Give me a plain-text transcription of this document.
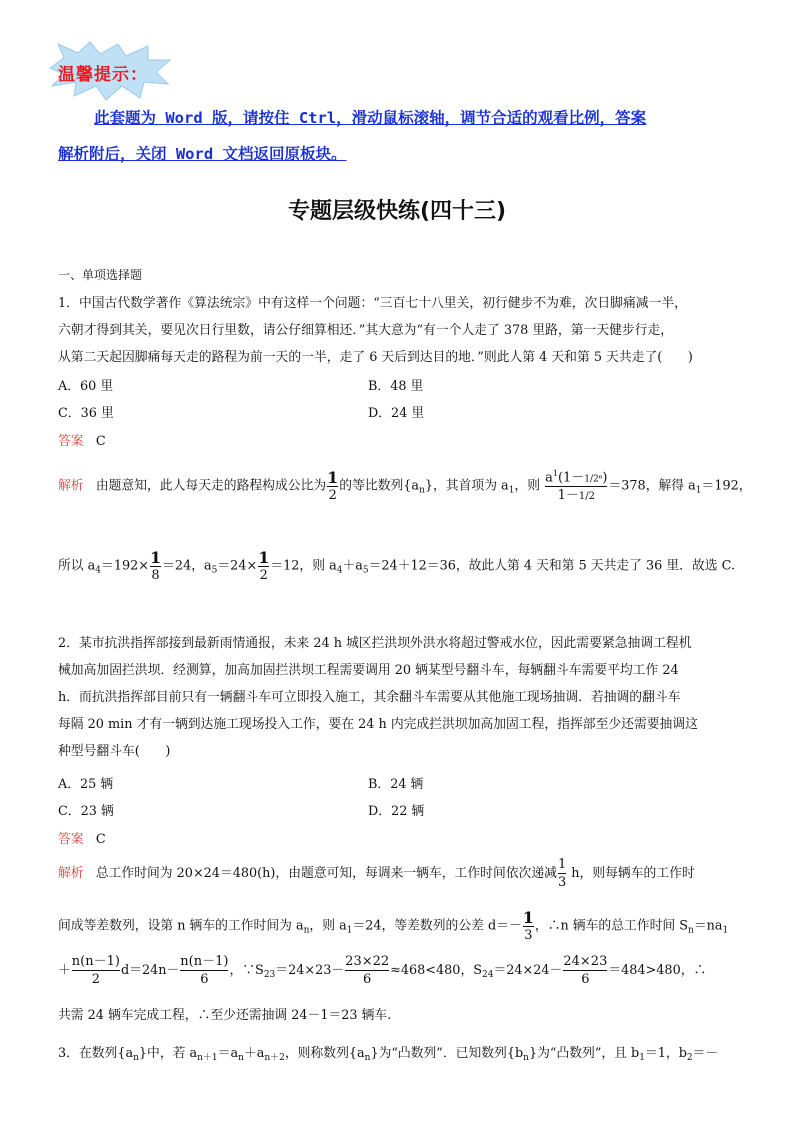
温馨提示：
此套题为 Word 版，请按住 Ctrl，滑动鼠标滚轴，调节合适的观看比例，答案
解析附后，关闭 Word 文档返回原板块。
专题层级快练(四十三)
一、单项选择题
1．中国古代数学著作《算法统宗》中有这样一个问题：“三百七十八里关，初行健步不为难，次日脚痛减一半，
六朝才得到其关，要见次日行里数，请公仔细算相还．”其大意为“有一个人走了 378 里路，第一天健步行走，
从第二天起因脚痛每天走的路程为前一天的一半，走了 6 天后到达目的地．”则此人第 4 天和第 5 天共走了(　　)
A．60 里	B．48 里
C．36 里	D．24 里
答案 C
解析 由题意知，此人每天走的路程构成公比为 $\frac{1}{2}$ 的等比数列$\{a_n\}$，其首项为 $a_1$，则 $\frac{a^1(1-1/2^6)}{1-1/2} =378$，解得 $a_1=192$，
所以 $a_4=192\times \frac{1}{8} =24$，$a_5=24\times \frac{1}{2} =12$，则 $a_4+a_5=24+12=36$，故此人第 4 天和第 5 天共走了 36 里．故选 C.
2．某市抗洪指挥部接到最新雨情通报，未来 24 h 城区拦洪坝外洪水将超过警戒水位，因此需要紧急抽调工程机
械加高加固拦洪坝．经测算，加高加固拦洪坝工程需要调用 20 辆某型号翻斗车，每辆翻斗车需要平均工作 24
h．而抗洪指挥部目前只有一辆翻斗车可立即投入施工，其余翻斗车需要从其他施工现场抽调．若抽调的翻斗车
每隔 20 min 才有一辆到达施工现场投入工作，要在 24 h 内完成拦洪坝加高加固工程，指挥部至少还需要抽调这
种型号翻斗车(　　)
A．25 辆	B．24 辆
C．23 辆	D．22 辆
答案 C
解析 总工作时间为 20×24＝480(h)，由题意可知，每调来一辆车，工作时间依次递减 $\frac{1}{3}$ h，则每辆车的工作时
间成等差数列，设第 n 辆车的工作时间为 $a_n$，则 $a_1=24$，等差数列的公差 $d=- \frac{1}{3}$ ，∴n 辆车的总工作时间 $S_n=na_1$
＋ $\frac{n(n-1)}{2} d=24n- \frac{n(n-1)}{6}$ ，$\because S_{23}=24\times 23- \frac{23\times 22}{6} \approx 468<480$，$S_{24}=24\times 24- \frac{24\times 23}{6} =484>480$，∴
共需 24 辆车完成工程，∴至少还需抽调 24－1＝23 辆车.
3．在数列$\{a_n\}$中，若 $a_{n+1}=a_n+a_{n+2}$，则称数列$\{a_n\}$为“凸数列”．已知数列$\{b_n\}$为“凸数列”，且 $b_1=1$，$b_2=-$
